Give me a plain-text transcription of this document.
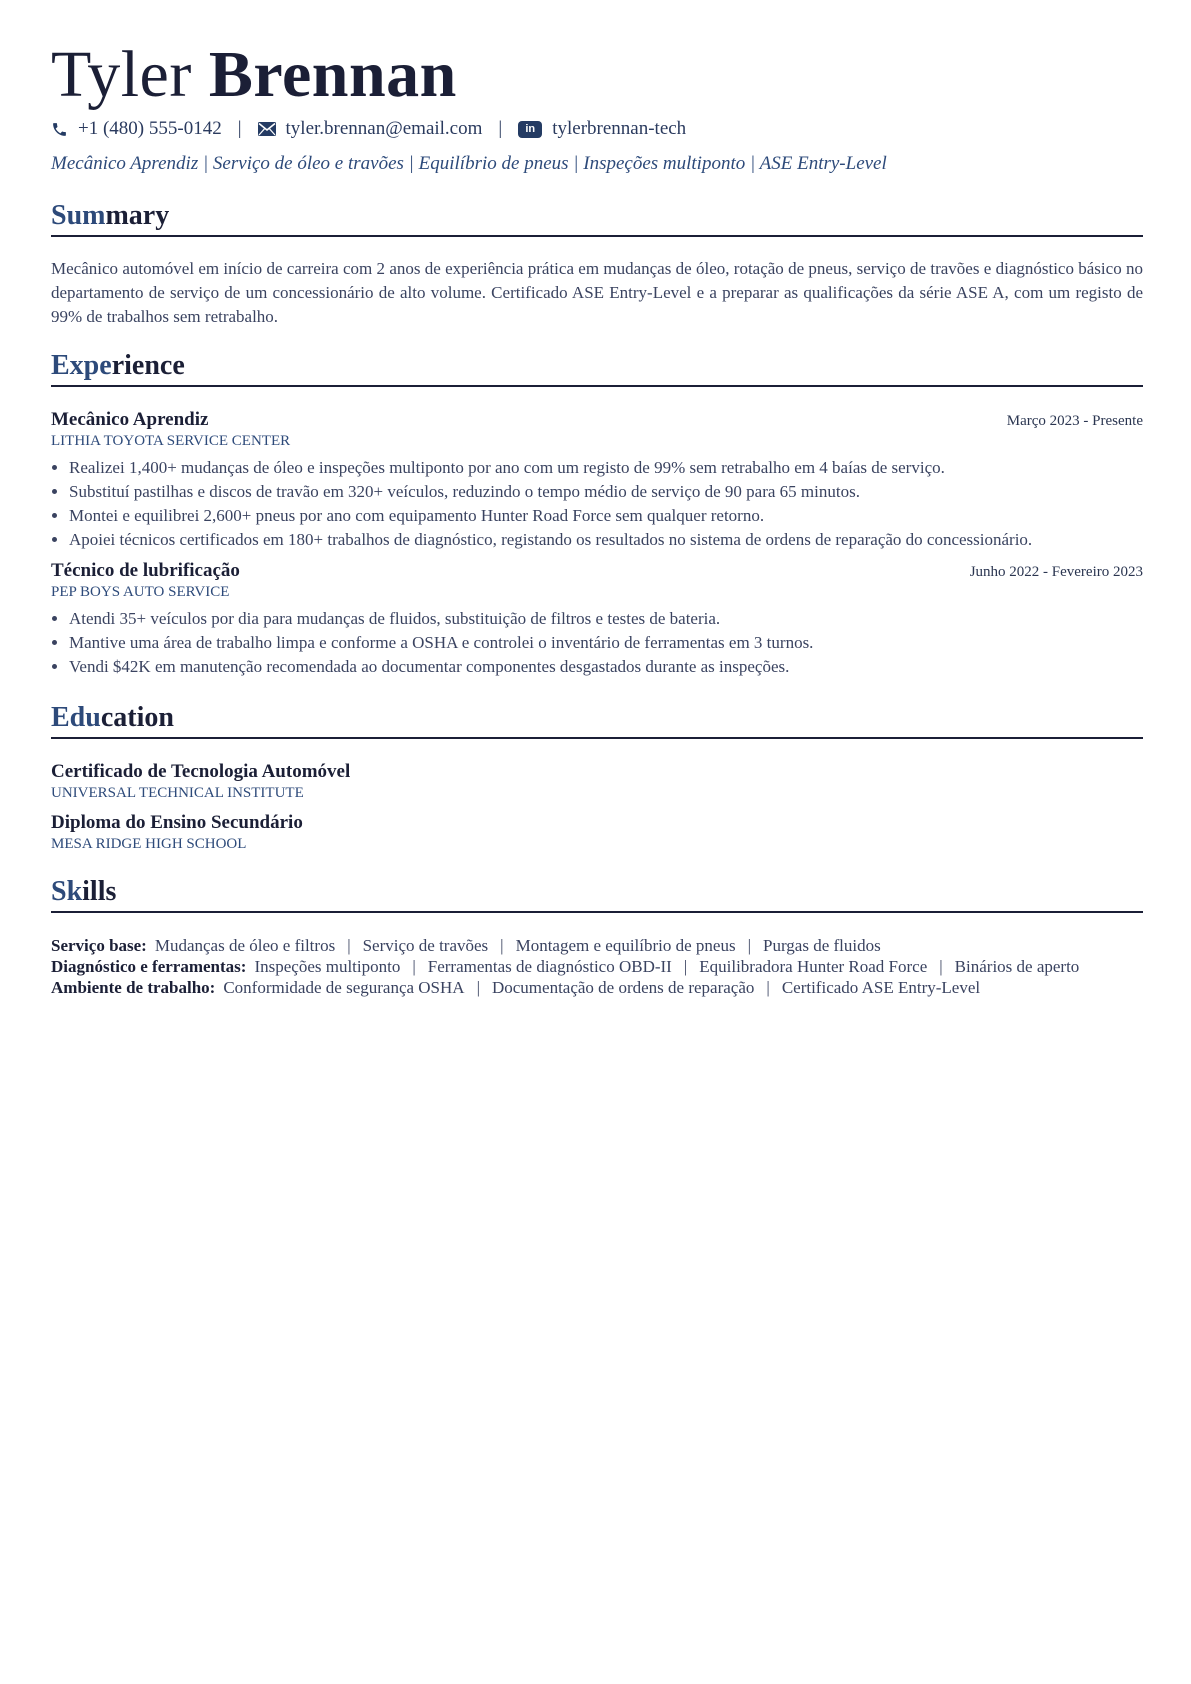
Tyler Brennan
+1 (480) 555-0142 | tyler.brennan@email.com |	in tylerbrennan-tech
Mecânico Aprendiz | Serviço de óleo e travões | Equilíbrio de pneus | Inspeções multiponto | ASE Entry-Level
Summary
Mecânico automóvel em início de carreira com 2 anos de experiência prática em mudanças de óleo, rotação de pneus, serviço de travões e diagnóstico básico no departamento de serviço de um concessionário de alto volume. Certificado ASE Entry-Level e a preparar as qualificações da série ASE A, com um registo de 99% de trabalhos sem retrabalho.
Experience
Mecânico Aprendiz	Março 2023 - Presente
LITHIA TOYOTA SERVICE CENTER
• Realizei 1,400+ mudanças de óleo e inspeções multiponto por ano com um registo de 99% sem retrabalho em 4 baías de serviço.
• Substituí pastilhas e discos de travão em 320+ veículos, reduzindo o tempo médio de serviço de 90 para 65 minutos.
• Montei e equilibrei 2,600+ pneus por ano com equipamento Hunter Road Force sem qualquer retorno.
• Apoiei técnicos certificados em 180+ trabalhos de diagnóstico, registando os resultados no sistema de ordens de reparação do concessionário.
Técnico de lubrificação	Junho 2022 - Fevereiro 2023
PEP BOYS AUTO SERVICE
• Atendi 35+ veículos por dia para mudanças de fluidos, substituição de filtros e testes de bateria.
• Mantive uma área de trabalho limpa e conforme a OSHA e controlei o inventário de ferramentas em 3 turnos.
• Vendi $42K em manutenção recomendada ao documentar componentes desgastados durante as inspeções.
Education
Certificado de Tecnologia Automóvel
UNIVERSAL TECHNICAL INSTITUTE
Diploma do Ensino Secundário
MESA RIDGE HIGH SCHOOL
Skills
Serviço base: Mudanças de óleo e filtros | Serviço de travões | Montagem e equilíbrio de pneus | Purgas de fluidos
Diagnóstico e ferramentas: Inspeções multiponto | Ferramentas de diagnóstico OBD-II | Equilibradora Hunter Road Force | Binários de aperto
Ambiente de trabalho: Conformidade de segurança OSHA | Documentação de ordens de reparação | Certificado ASE Entry-Level
